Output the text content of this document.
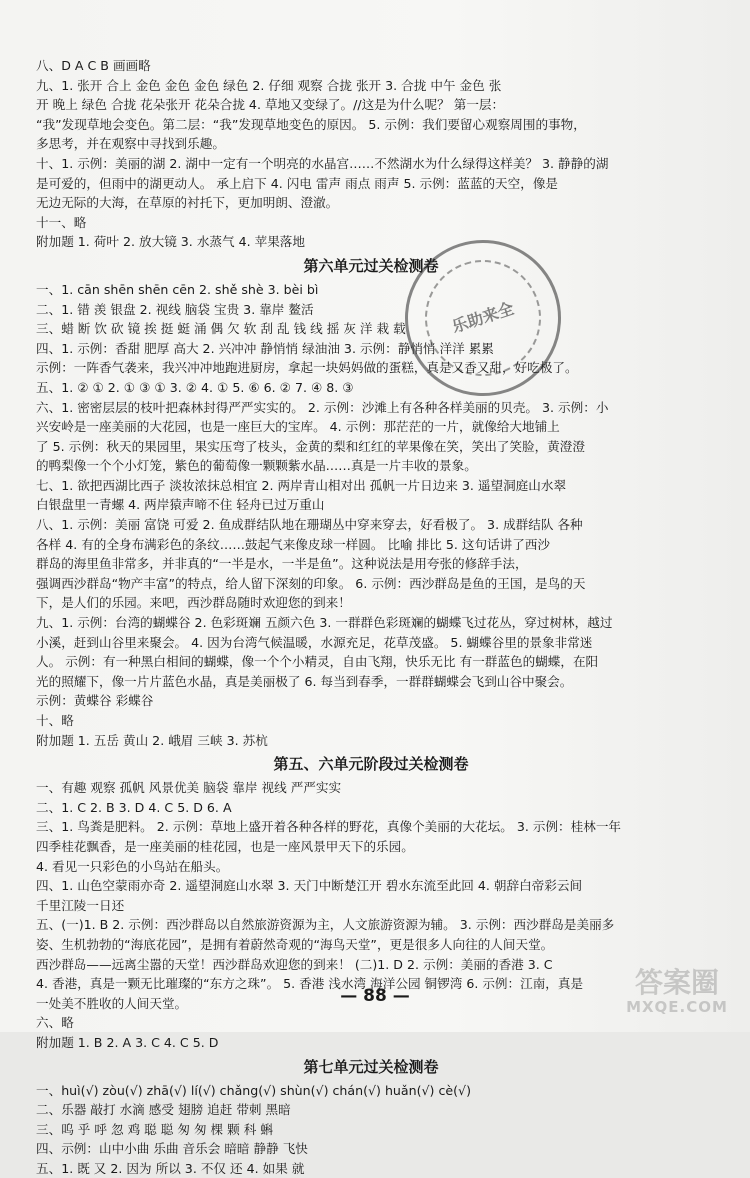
八、D A C B 画画略
九、1. 张开 合上 金色 金色 金色 绿色 2. 仔细 观察 合拢 张开 3. 合拢 中午 金色 张
开 晚上 绿色 合拢 花朵张开 花朵合拢 4. 草地又变绿了。//这是为什么呢？ 第一层：
“我”发现草地会变色。第二层：“我”发现草地变色的原因。 5. 示例：我们要留心观察周围的事物，
多思考，并在观察中寻找到乐趣。
十、1. 示例：美丽的湖 2. 湖中一定有一个明亮的水晶宫……不然湖水为什么绿得这样美？ 3. 静静的湖
是可爱的，但雨中的湖更动人。 承上启下 4. 闪电 雷声 雨点 雨声 5. 示例：蓝蓝的天空，像是
无边无际的大海，在草原的衬托下，更加明朗、澄澈。
十一、略
附加题 1. 荷叶 2. 放大镜 3. 水蒸气 4. 苹果落地
第六单元过关检测卷
一、1. cān shēn shēn cēn 2. shě shè 3. bèi bì
二、1. 错 羡 银盘 2. 视线 脑袋 宝贵 3. 靠岸 鳌活
三、蜡 断 饮 砍 镜 挨 挺 蜓 涌 偶 欠 软 刮 乱 钱 线 摇 灰 洋 栽 载
四、1. 示例：香甜 肥厚 高大 2. 兴冲冲 静悄悄 绿油油 3. 示例：静悄悄 洋洋 累累
示例：一阵香气袭来，我兴冲冲地跑进厨房，拿起一块妈妈做的蛋糕，真是又香又甜，好吃极了。
五、1. ② ① 2. ① ③ ① 3. ② 4. ① 5. ⑥ 6. ② 7. ④ 8. ③
六、1. 密密层层的枝叶把森林封得严严实实的。 2. 示例：沙滩上有各种各样美丽的贝壳。 3. 示例：小
兴安岭是一座美丽的大花园，也是一座巨大的宝库。 4. 示例：那茫茫的一片，就像给大地铺上
了 5. 示例：秋天的果园里，果实压弯了枝头，金黄的梨和红红的苹果像在笑，笑出了笑脸，黄澄澄
的鸭梨像一个个小灯笼，紫色的葡萄像一颗颗紫水晶……真是一片丰收的景象。
七、1. 欲把西湖比西子 淡妆浓抹总相宜 2. 两岸青山相对出 孤帆一片日边来 3. 遥望洞庭山水翠
白银盘里一青螺 4. 两岸猿声啼不住 轻舟已过万重山
八、1. 示例：美丽 富饶 可爱 2. 鱼成群结队地在珊瑚丛中穿来穿去，好看极了。 3. 成群结队 各种
各样 4. 有的全身布满彩色的条纹……鼓起气来像皮球一样圆。 比喻 排比 5. 这句话讲了西沙
群岛的海里鱼非常多，并非真的“一半是水，一半是鱼”。这种说法是用夸张的修辞手法，
强调西沙群岛“物产丰富”的特点，给人留下深刻的印象。 6. 示例：西沙群岛是鱼的王国，是鸟的天
下，是人们的乐园。来吧，西沙群岛随时欢迎您的到来！
九、1. 示例：台湾的蝴蝶谷 2. 色彩斑斓 五颜六色 3. 一群群色彩斑斓的蝴蝶飞过花丛，穿过树林，越过
小溪，赶到山谷里来聚会。 4. 因为台湾气候温暖，水源充足，花草茂盛。 5. 蝴蝶谷里的景象非常迷
人。 示例：有一种黑白相间的蝴蝶，像一个个小精灵，自由飞翔，快乐无比 有一群蓝色的蝴蝶，在阳
光的照耀下，像一片片蓝色水晶，真是美丽极了 6. 每当到春季，一群群蝴蝶会飞到山谷中聚会。
示例：黄蝶谷 彩蝶谷
十、略
附加题 1. 五岳 黄山 2. 峨眉 三峡 3. 苏杭
第五、六单元阶段过关检测卷
一、有趣 观察 孤帆 风景优美 脑袋 靠岸 视线 严严实实
二、1. C 2. B 3. D 4. C 5. D 6. A
三、1. 鸟粪是肥料。 2. 示例：草地上盛开着各种各样的野花，真像个美丽的大花坛。 3. 示例：桂林一年
四季桂花飘香，是一座美丽的桂花园，也是一座风景甲天下的乐园。
4. 看见一只彩色的小鸟站在船头。
四、1. 山色空蒙雨亦奇 2. 遥望洞庭山水翠 3. 天门中断楚江开 碧水东流至此回 4. 朝辞白帝彩云间
千里江陵一日还
五、(一)1. B 2. 示例：西沙群岛以自然旅游资源为主，人文旅游资源为辅。 3. 示例：西沙群岛是美丽多
姿、生机勃勃的“海底花园”，是拥有着蔚然奇观的“海鸟天堂”，更是很多人向往的人间天堂。
西沙群岛——远离尘嚣的天堂！西沙群岛欢迎您的到来！ (二)1. D 2. 示例：美丽的香港 3. C
4. 香港，真是一颗无比璀璨的“东方之珠”。 5. 香港 浅水湾 海洋公园 铜锣湾 6. 示例：江南，真是
一处美不胜收的人间天堂。
六、略
附加题 1. B 2. A 3. C 4. C 5. D
第七单元过关检测卷
一、huì(√) zòu(√) zhā(√) lí(√) chǎng(√) shùn(√) chán(√) huǎn(√) cè(√)
二、乐器 敲打 水滴 感受 翅膀 追赶 带刺 黑暗
三、呜 乎 呼 忽 鸡 聪 聪 匆 匆 棵 颗 科 蝌
四、示例：山中小曲 乐曲 音乐会 暗暗 静静 飞快
五、1. 既 又 2. 因为 所以 3. 不仅 还 4. 如果 就
乐助来全
— 88 —	答案圈
MXQE.COM
